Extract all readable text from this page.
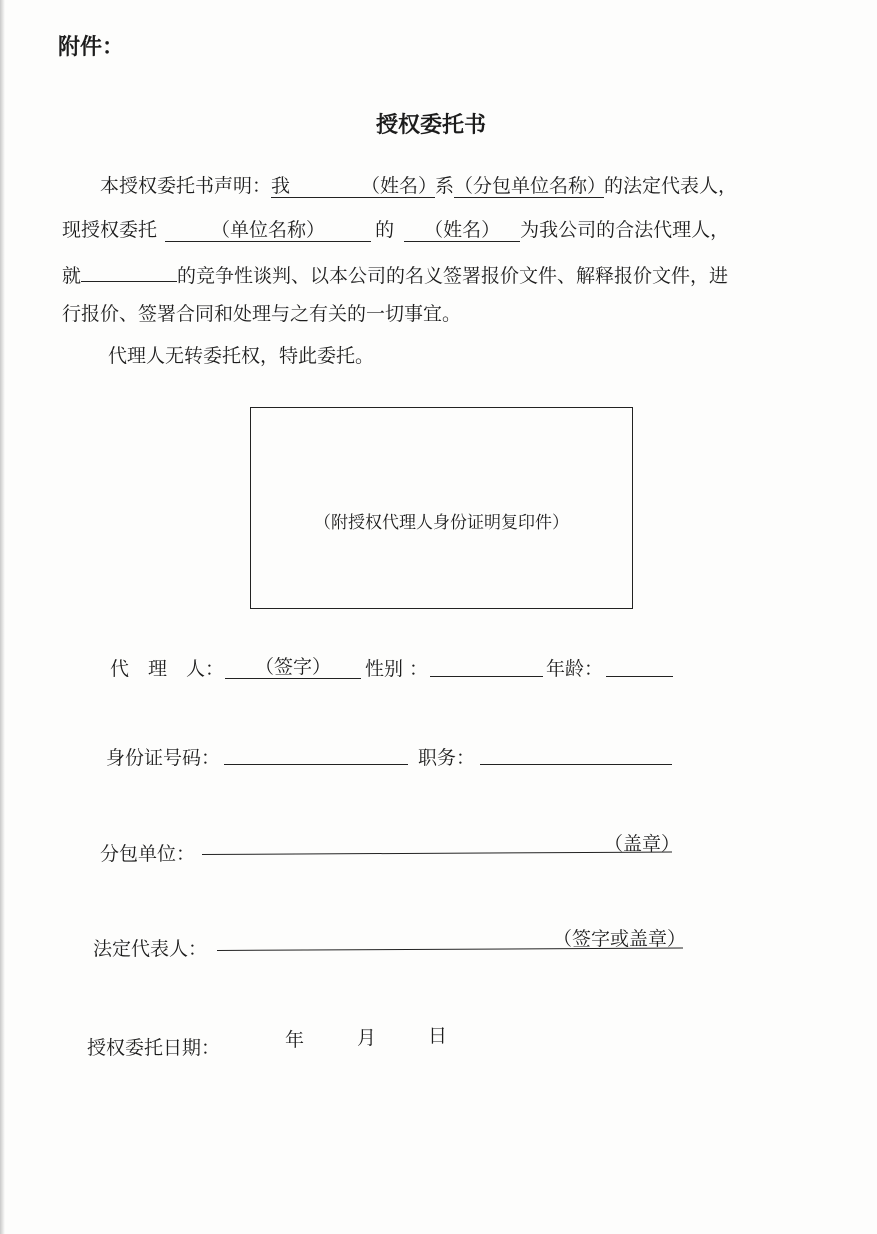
附件：
授权委托书
本授权委托书声明：我	（姓名）系（分包单位名称）的法定代表人，
现授权委托	（单位名称）	的 （姓名） 为我公司的合法代理人，
就	的竞争性谈判、以本公司的名义签署报价文件、解释报价文件，进
行报价、签署合同和处理与之有关的一切事宜。
代理人无转委托权，特此委托。
（附授权代理人身份证明复印件）
代　理　人：	（签字）	性别 ：	年龄：
身份证号码：	职务：
分包单位：	（盖章）
法定代表人：	（签字或盖章）
授权委托日期：	年	月	日
